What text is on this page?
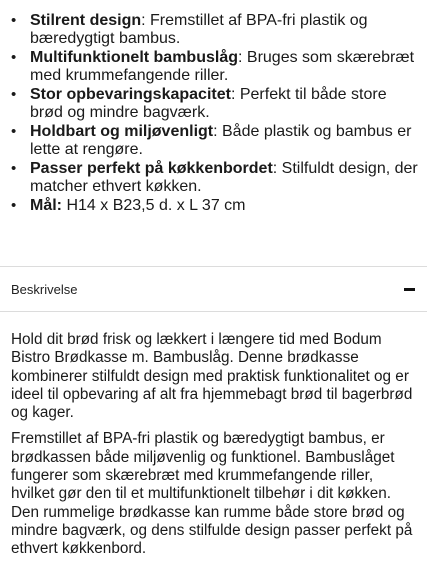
• Stilrent design: Fremstillet af BPA-fri plastik og bæredygtigt bambus.
• Multifunktionelt bambuslåg: Bruges som skærebræt med krummefangende riller.
• Stor opbevaringskapacitet: Perfekt til både store brød og mindre bagværk.
• Holdbart og miljøvenligt: Både plastik og bambus er lette at rengøre.
• Passer perfekt på køkkenbordet: Stilfuldt design, der matcher ethvert køkken.
• Mål: H14 x B23,5 d. x L 37 cm
Beskrivelse

Hold dit brød frisk og lækkert i længere tid med Bodum Bistro Brødkasse m. Bambuslåg. Denne brødkasse kombinerer stilfuldt design med praktisk funktionalitet og er ideel til opbevaring af alt fra hjemmebagt brød til bagerbrød og kager.

Fremstillet af BPA-fri plastik og bæredygtigt bambus, er brødkassen både miljøvenlig og funktionel. Bambuslåget fungerer som skærebræt med krummefangende riller, hvilket gør den til et multifunktionelt tilbehør i dit køkken. Den rummelige brødkasse kan rumme både store brød og mindre bagværk, og dens stilfulde design passer perfekt på ethvert køkkenbord.
